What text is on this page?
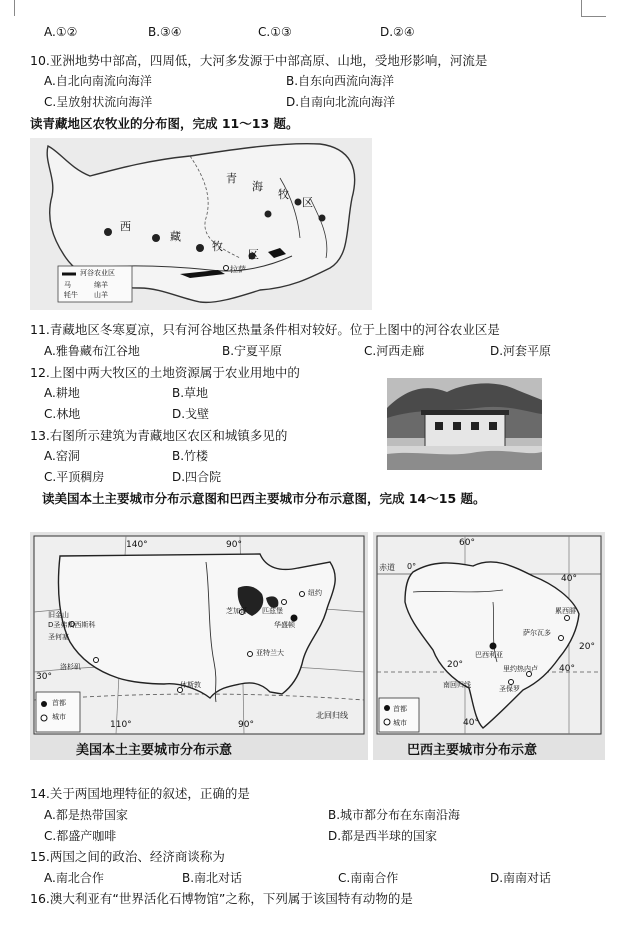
A.①②	B.③④	C.①③	D.②④
10.亚洲地势中部高，四周低，大河多发源于中部高原、山地，受地形影响，河流是
A.自北向南流向海洋	B.自东向西流向海洋
C.呈放射状流向海洋	D.自南向北流向海洋
读青藏地区农牧业的分布图，完成 11～13 题。
西
藏
牧
区
青
海
牧
区
拉萨
河谷农业区
马	绵羊
牦牛 山羊
11.青藏地区冬寒夏凉，只有河谷地区热量条件相对较好。位于上图中的河谷农业区是
A.雅鲁藏布江谷地	B.宁夏平原	C.河西走廊	D.河套平原
12.上图中两大牧区的土地资源属于农业用地中的
A.耕地	B.草地
C.林地	D.戈壁
13.右图所示建筑为青藏地区农区和城镇多见的
A.窑洞	B.竹楼
C.平顶稠房	D.四合院
读美国本土主要城市分布示意图和巴西主要城市分布示意图，完成 14～15 题。
140°	90°
旧金山
圣何塞
D圣弗朗西斯科
洛杉矶
休斯敦
亚特兰大
匹兹堡
芝加哥
纽约
华盛顿
北回归线
30°
110°	90°
首都
城市
美国本土主要城市分布示意
60°
赤道 0°
40°
累西腓
萨尔瓦多
巴西利亚
里约热内卢
圣保罗
南回归线
20°	40°
40°
20°
首都
城市
巴西主要城市分布示意
14.关于两国地理特征的叙述，正确的是
A.都是热带国家	B.城市都分布在东南沿海
C.都盛产咖啡	D.都是西半球的国家
15.两国之间的政治、经济商谈称为
A.南北合作	B.南北对话	C.南南合作	D.南南对话
16.澳大利亚有“世界活化石博物馆”之称，下列属于该国特有动物的是
